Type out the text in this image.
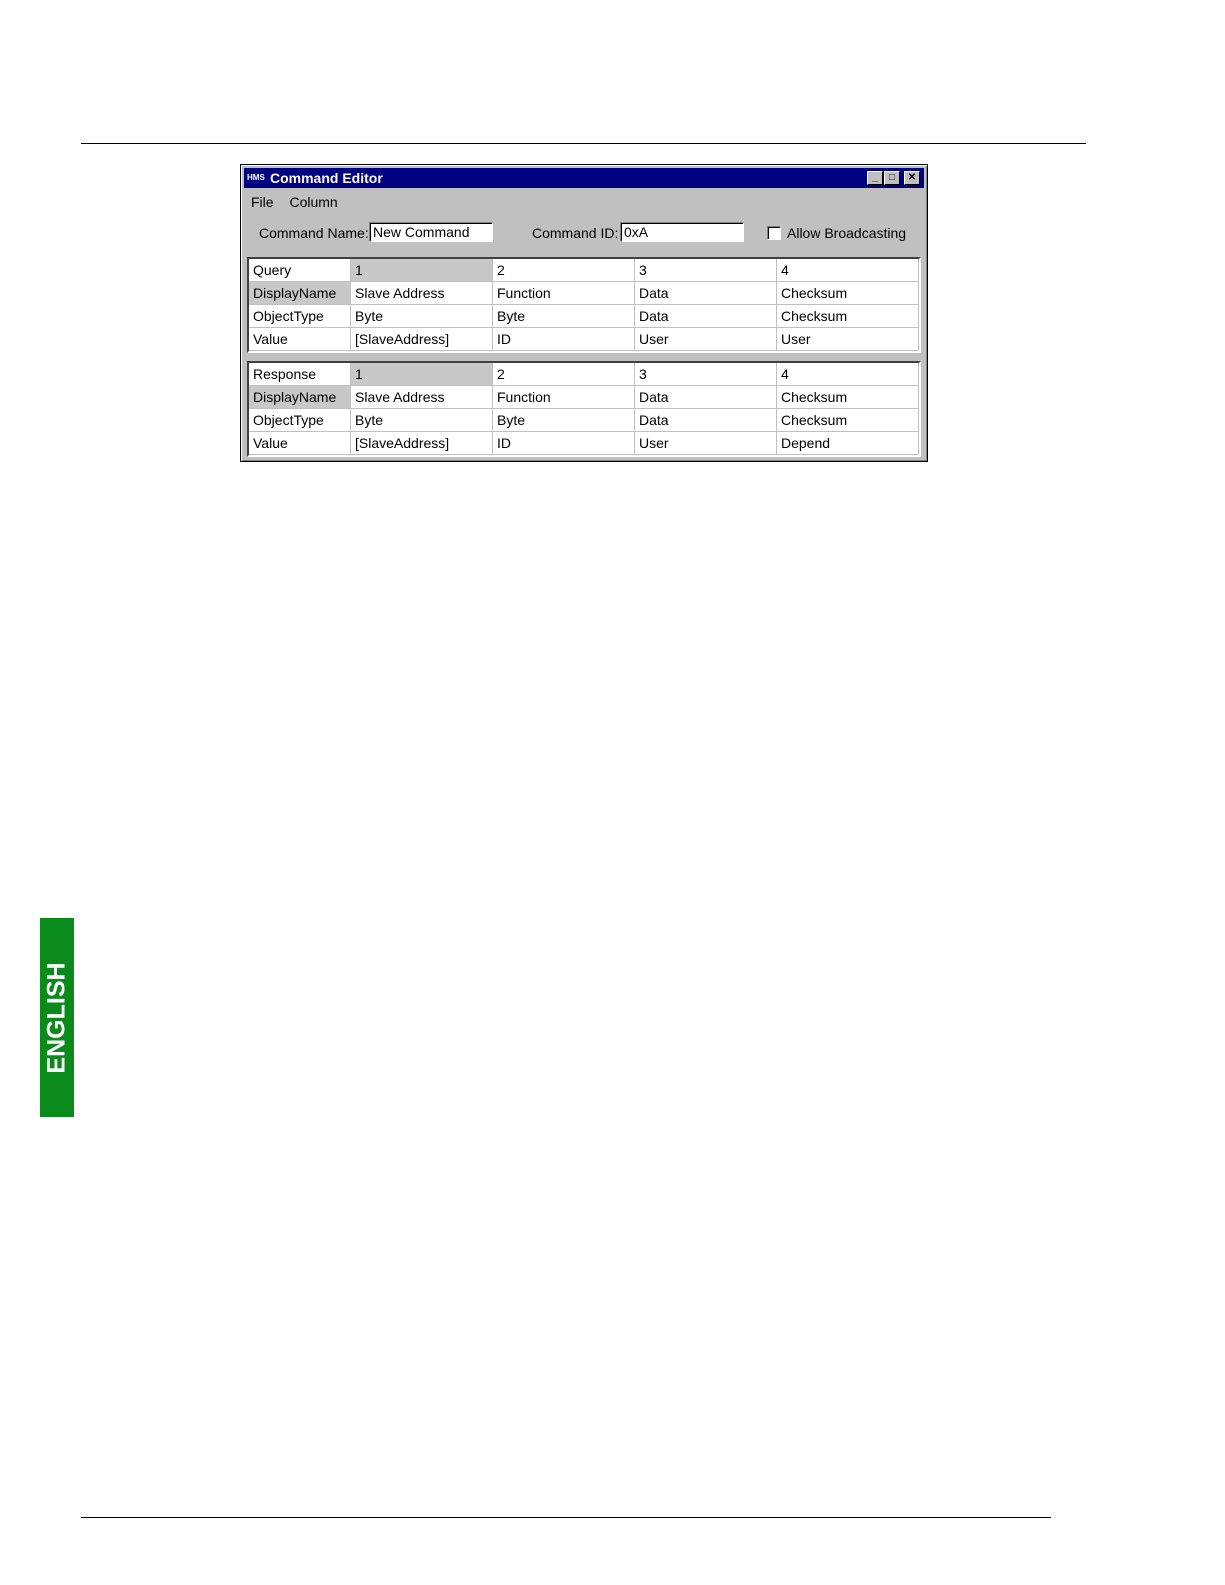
HMS Command Editor	_	□	✕
File Column
Command Name: New Command	Command ID: 0xA	Allow Broadcasting
Query	1	2	3	4
DisplayName	Slave Address	Function	Data	Checksum
ObjectType	Byte	Byte	Data	Checksum
Value	[SlaveAddress]	ID	User	User
Response	1	2	3	4
DisplayName	Slave Address	Function	Data	Checksum
ObjectType	Byte	Byte	Data	Checksum
Value	[SlaveAddress]	ID	User	Depend
ENGLISH
